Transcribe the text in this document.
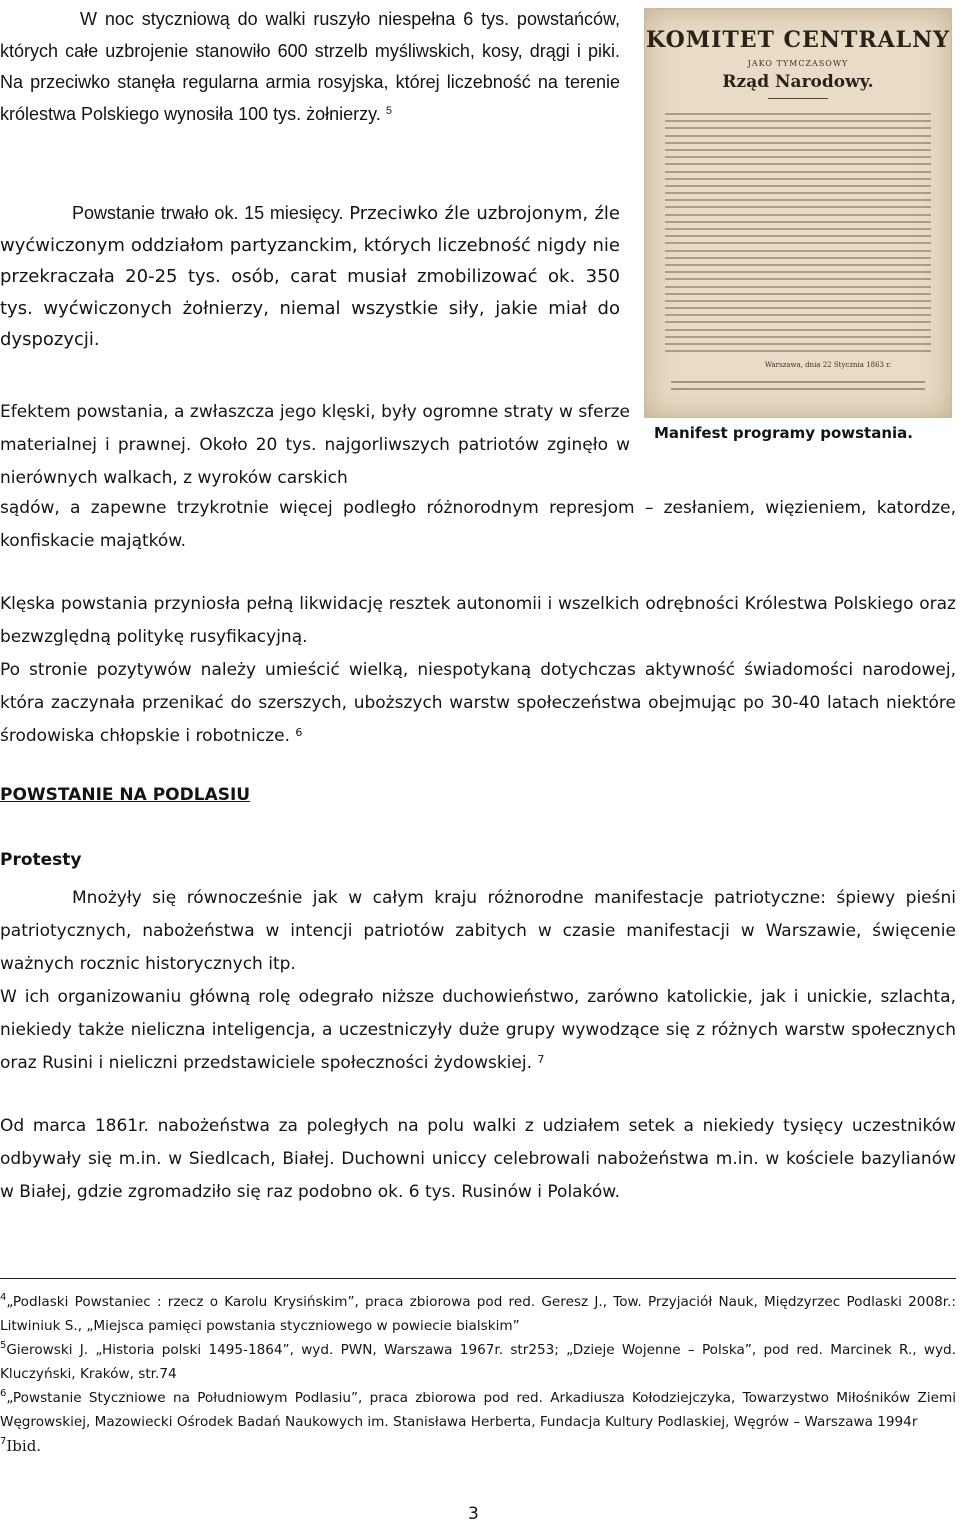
W noc styczniową do walki ruszyło niespełna 6 tys. powstańców, których całe uzbrojenie stanowiło 600 strzelb myśliwskich, kosy, drągi i piki. Na przeciwko stanęła regularna armia rosyjska, której liczebność na terenie królestwa Polskiego wynosiła 100 tys. żołnierzy. $^5$

Powstanie trwało ok. 15 miesięcy. Przeciwko źle uzbrojonym, źle wyćwiczonym oddziałom partyzanckim, których liczebność nigdy nie przekraczała 20-25 tys. osób, carat musiał zmobilizować ok. 350 tys. wyćwiczonych żołnierzy, niemal wszystkie siły, jakie miał do dyspozycji.

KOMITET CENTRALNY
JAKO TYMCZASOWY
Rząd Narodowy.
Warszawa, dnia 22 Stycznia 1863 r.
Manifest programy powstania.

Efektem powstania, a zwłaszcza jego klęski, były ogromne straty w sferze materialnej i prawnej. Około 20 tys. najgorliwszych patriotów zginęło w nierównych walkach, z wyroków carskich

sądów, a zapewne trzykrotnie więcej podległo różnorodnym represjom – zesłaniem, więzieniem, katordze, konfiskacie majątków.

Klęska powstania przyniosła pełną likwidację resztek autonomii i wszelkich odrębności Królestwa Polskiego oraz bezwzględną politykę rusyfikacyjną.

Po stronie pozytywów należy umieścić wielką, niespotykaną dotychczas aktywność świadomości narodowej, która zaczynała przenikać do szerszych, uboższych warstw społeczeństwa obejmując po 30-40 latach niektóre środowiska chłopskie i robotnicze. $^6$

POWSTANIE NA PODLASIU
Protesty

Mnożyły się równocześnie jak w całym kraju różnorodne manifestacje patriotyczne: śpiewy pieśni patriotycznych, nabożeństwa w intencji patriotów zabitych w czasie manifestacji w Warszawie, święcenie ważnych rocznic historycznych itp.

W ich organizowaniu główną rolę odegrało niższe duchowieństwo, zarówno katolickie, jak i unickie, szlachta, niekiedy także nieliczna inteligencja, a uczestniczyły duże grupy wywodzące się z różnych warstw społecznych oraz Rusini i nieliczni przedstawiciele społeczności żydowskiej. $^7$

Od marca 1861r. nabożeństwa za poległych na polu walki z udziałem setek a niekiedy tysięcy uczestników odbywały się m.in. w Siedlcach, Białej. Duchowni uniccy celebrowali nabożeństwa m.in. w kościele bazylianów w Białej, gdzie zgromadziło się raz podobno ok. 6 tys. Rusinów i Polaków.

$^4$„Podlaski Powstaniec : rzecz o Karolu Krysińskim”, praca zbiorowa pod red. Geresz J., Tow. Przyjaciół Nauk, Międzyrzec Podlaski 2008r.: Litwiniuk S., „Miejsca pamięci powstania styczniowego w powiecie bialskim”

$^5$Gierowski J. „Historia polski 1495-1864”, wyd. PWN, Warszawa 1967r. str253; „Dzieje Wojenne – Polska”, pod red. Marcinek R., wyd. Kluczyński, Kraków, str.74

$^6$„Powstanie Styczniowe na Południowym Podlasiu”, praca zbiorowa pod red. Arkadiusza Kołodziejczyka, Towarzystwo Miłośników Ziemi Węgrowskiej, Mazowiecki Ośrodek Badań Naukowych im. Stanisława Herberta, Fundacja Kultury Podlaskiej, Węgrów – Warszawa 1994r

$^7$Ibid.

3
